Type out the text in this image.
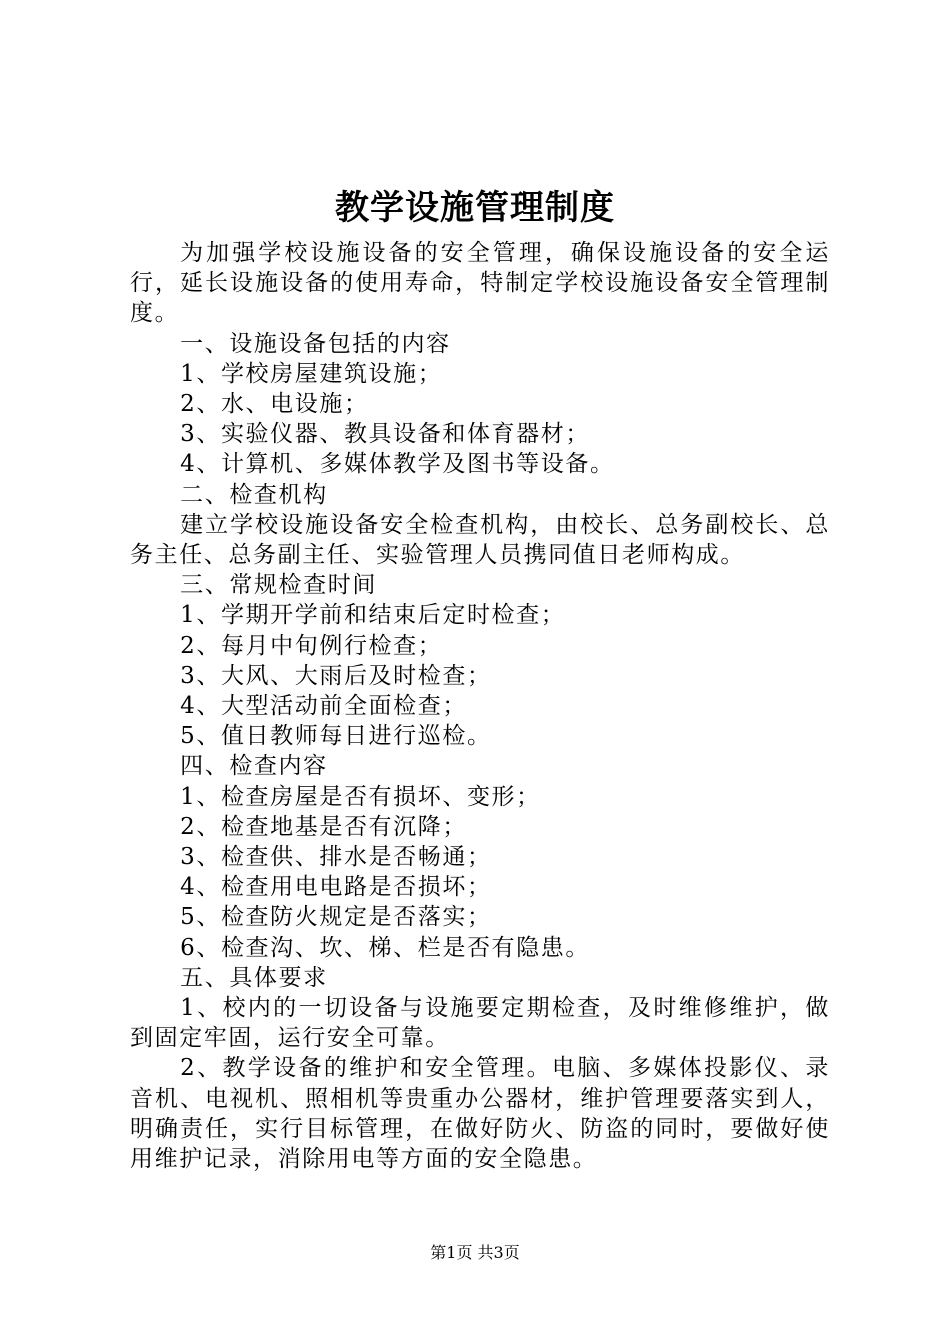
教学设施管理制度

为加强学校设施设备的安全管理，确保设施设备的安全运行，延长设施设备的使用寿命，特制定学校设施设备安全管理制度。

一、设施设备包括的内容

1、学校房屋建筑设施；

2、水、电设施；

3、实验仪器、教具设备和体育器材；

4、计算机、多媒体教学及图书等设备。

二、检查机构

建立学校设施设备安全检查机构，由校长、总务副校长、总务主任、总务副主任、实验管理人员携同值日老师构成。

三、常规检查时间

1、学期开学前和结束后定时检查；

2、每月中旬例行检查；

3、大风、大雨后及时检查；

4、大型活动前全面检查；

5、值日教师每日进行巡检。

四、检查内容

1、检查房屋是否有损坏、变形；

2、检查地基是否有沉降；

3、检查供、排水是否畅通；

4、检查用电电路是否损坏；

5、检查防火规定是否落实；

6、检查沟、坎、梯、栏是否有隐患。

五、具体要求

1、校内的一切设备与设施要定期检查，及时维修维护，做到固定牢固，运行安全可靠。

2、教学设备的维护和安全管理。电脑、多媒体投影仪、录音机、电视机、照相机等贵重办公器材，维护管理要落实到人，明确责任，实行目标管理，在做好防火、防盗的同时，要做好使用维护记录，消除用电等方面的安全隐患。

第1页 共3页
